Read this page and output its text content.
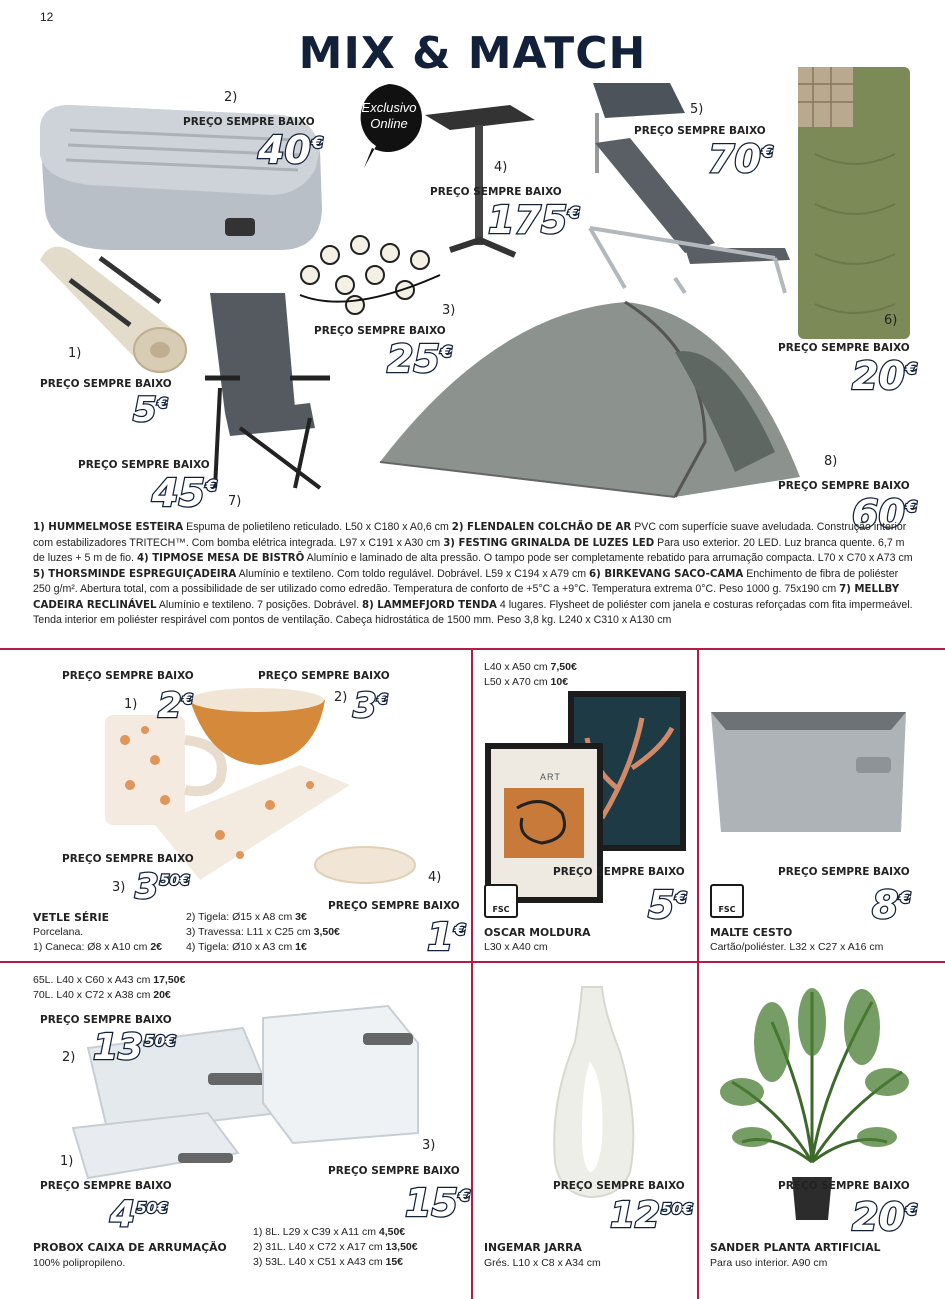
12
MIX & MATCH
Exclusivo
Online
1)
PREÇO SEMPRE BAIXO
5€
2)
PREÇO SEMPRE BAIXO
40€
3)
PREÇO SEMPRE BAIXO
25€
4)
PREÇO SEMPRE BAIXO
175€
5)
PREÇO SEMPRE BAIXO
70€
6)
PREÇO SEMPRE BAIXO
20€
PREÇO SEMPRE BAIXO
45€
7)
8)
PREÇO SEMPRE BAIXO
60€
1) HUMMELMOSE ESTEIRA Espuma de polietileno reticulado. L50 x C180 x A0,6 cm 2) FLENDALEN COLCHÃO DE AR PVC com superfície suave aveludada. Construção interior com estabilizadores TRITECH™. Com bomba elétrica integrada. L97 x C191 x A30 cm 3) FESTING GRINALDA DE LUZES LED Para uso exterior. 20 LED. Luz branca quente. 6,7 m de luzes + 5 m de fio. 4) TIPMOSE MESA DE BISTRÔ Alumínio e laminado de alta pressão. O tampo pode ser completamente rebatido para arrumação compacta. L70 x C70 x A73 cm 5) THORSMINDE ESPREGUIÇADEIRA Alumínio e textileno. Com toldo regulável. Dobrável. L59 x C194 x A79 cm 6) BIRKEVANG SACO-CAMA Enchimento de fibra de poliéster 250 g/m². Abertura total, com a possibilidade de ser utilizado como edredão. Temperatura de conforto de +5°C a +9°C. Temperatura extrema 0°C. Peso 1000 g. 75x190 cm 7) MELLBY CADEIRA RECLINÁVEL Alumínio e textileno. 7 posições. Dobrável. 8) LAMMEFJORD TENDA 4 lugares. Flysheet de poliéster com janela e costuras reforçadas com fita impermeável. Tenda interior em poliéster respirável com pontos de ventilação. Cabeça hidrostática de 1500 mm. Peso 3,8 kg. L240 x C310 x A130 cm
PREÇO SEMPRE BAIXO
1) 2€
PREÇO SEMPRE BAIXO
2) 3€
PREÇO SEMPRE BAIXO
3) $3^{50€}$	4)
PREÇO SEMPRE BAIXO
1€
VETLE SÉRIE
Porcelana.
1) Caneca: Ø8 x A10 cm 2€
2) Tigela: Ø15 x A8 cm 3€
3) Travessa: L11 x C25 cm 3,50€
4) Tigela: Ø10 x A3 cm 1€
L40 x A50 cm 7,50€
L50 x A70 cm 10€
ART
PREÇO SEMPRE BAIXO
FSC	5€
OSCAR MOLDURA
L30 x A40 cm
PREÇO SEMPRE BAIXO
FSC	8€
MALTE CESTO
Cartão/poliéster. L32 x C27 x A16 cm
65L. L40 x C60 x A43 cm 17,50€
70L. L40 x C72 x A38 cm 20€
PREÇO SEMPRE BAIXO
2) $13^{50€}$
1)
PREÇO SEMPRE BAIXO
$4^{50€}$
3)
PREÇO SEMPRE BAIXO
15€
1) 8L. L29 x C39 x A11 cm 4,50€
2) 31L. L40 x C72 x A17 cm 13,50€
3) 53L. L40 x C51 x A43 cm 15€
PROBOX CAIXA DE ARRUMAÇÃO
100% polipropileno.
PREÇO SEMPRE BAIXO
$12^{50€}$
INGEMAR JARRA
Grés. L10 x C8 x A34 cm
PREÇO SEMPRE BAIXO
20€
SANDER PLANTA ARTIFICIAL
Para uso interior. A90 cm
